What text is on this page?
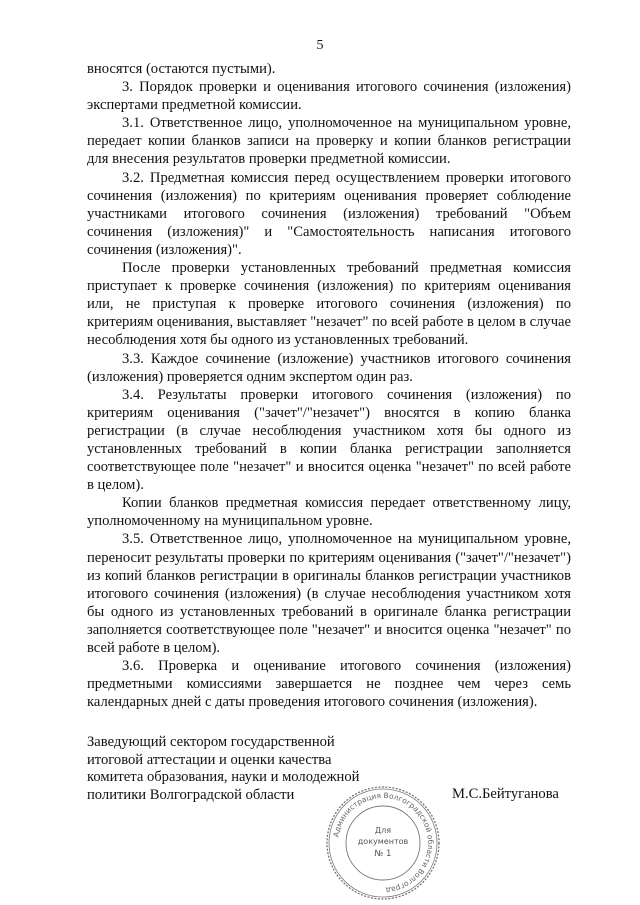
5

вносятся (остаются пустыми).

3. Порядок проверки и оценивания итогового сочинения (изложения) экспертами предметной комиссии.

3.1. Ответственное лицо, уполномоченное на муниципальном уровне, передает копии бланков записи на проверку и копии бланков регистрации для внесения результатов проверки предметной комиссии.

3.2. Предметная комиссия перед осуществлением проверки итогового сочинения (изложения) по критериям оценивания проверяет соблюдение участниками итогового сочинения (изложения) требований "Объем сочинения (изложения)" и "Самостоятельность написания итогового сочинения (изложения)".

После проверки установленных требований предметная комиссия приступает к проверке сочинения (изложения) по критериям оценивания или, не приступая к проверке итогового сочинения (изложения) по критериям оценивания, выставляет "незачет" по всей работе в целом в случае несоблюдения хотя бы одного из установленных требований.

3.3. Каждое сочинение (изложение) участников итогового сочинения (изложения) проверяется одним экспертом один раз.

3.4. Результаты проверки итогового сочинения (изложения) по критериям оценивания ("зачет"/"незачет") вносятся в копию бланка регистрации (в случае несоблюдения участником хотя бы одного из установленных требований в копии бланка регистрации заполняется соответствующее поле "незачет" и вносится оценка "незачет" по всей работе в целом).

Копии бланков предметная комиссия передает ответственному лицу, уполномоченному на муниципальном уровне.

3.5. Ответственное лицо, уполномоченное на муниципальном уровне, переносит результаты проверки по критериям оценивания ("зачет"/"незачет") из копий бланков регистрации в оригиналы бланков регистрации участников итогового сочинения (изложения) (в случае несоблюдения участником хотя бы одного из установленных требований в оригинале бланка регистрации заполняется соответствующее поле "незачет" и вносится оценка "незачет" по всей работе в целом).

3.6. Проверка и оценивание итогового сочинения (изложения) предметными комиссиями завершается не позднее чем через семь календарных дней с даты проведения итогового сочинения (изложения).

Заведующий сектором государственной
итоговой аттестации и оценки качества
комитета образования, науки и молодежной
политики Волгоградской области	М.С.Бейтуганова
Администрация Волгоградской области Волгоград
Для
документов
№ 1
